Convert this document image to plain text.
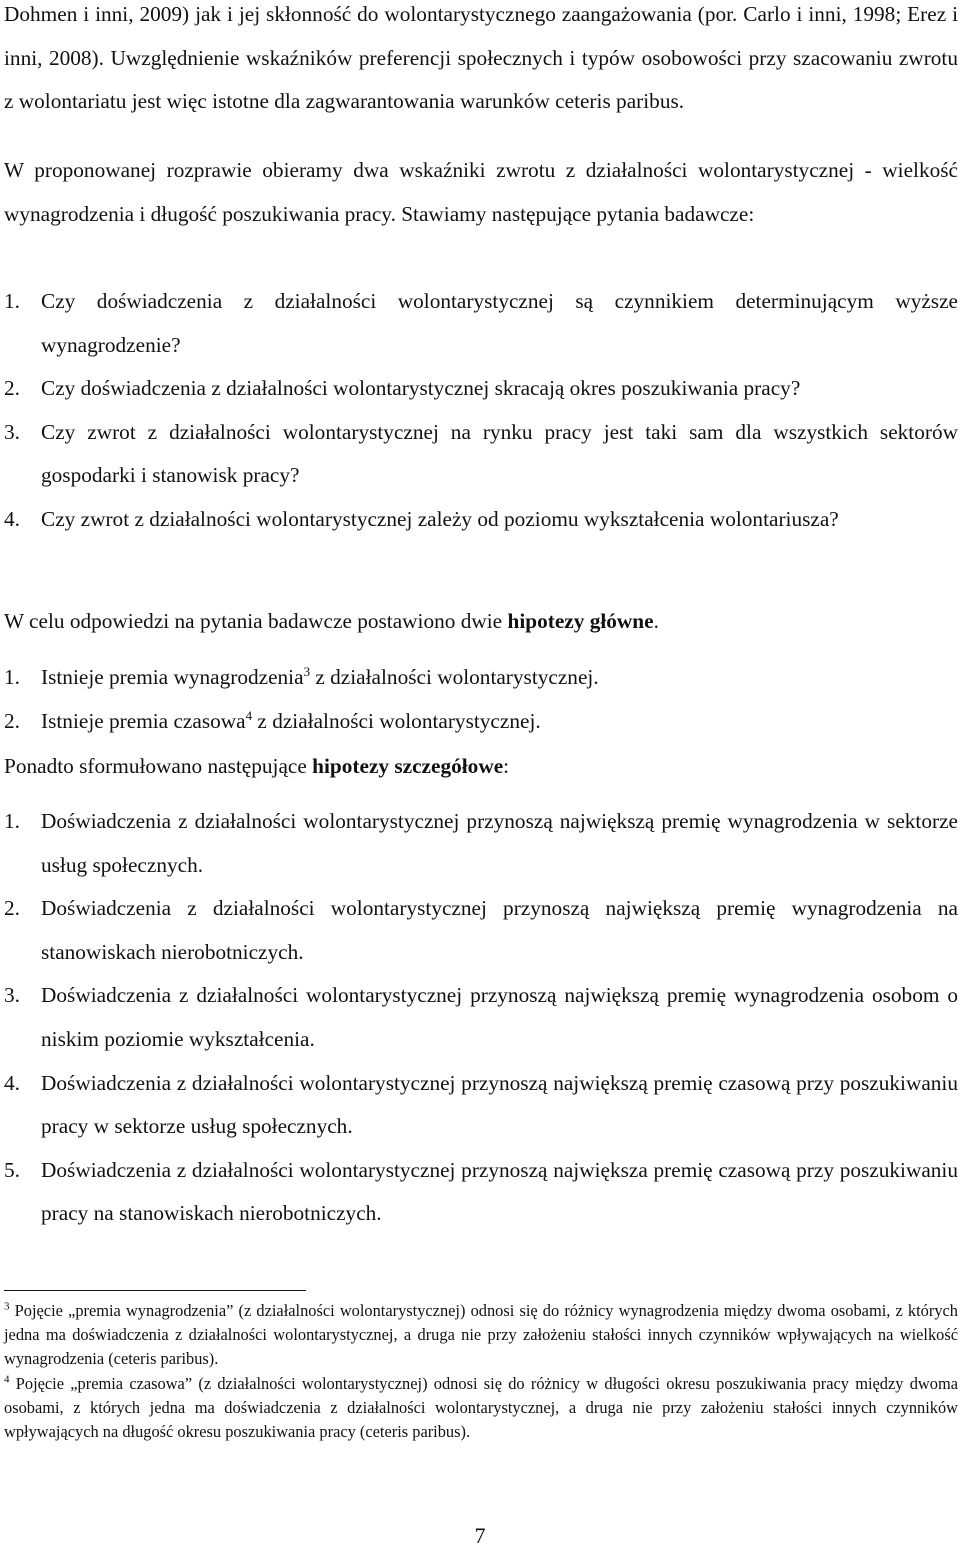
Dohmen i inni, 2009) jak i jej skłonność do wolontarystycznego zaangażowania (por. Carlo i inni, 1998; Erez i inni, 2008). Uwzględnienie wskaźników preferencji społecznych i typów osobowości przy szacowaniu zwrotu z wolontariatu jest więc istotne dla zagwarantowania warunków ceteris paribus.

W proponowanej rozprawie obieramy dwa wskaźniki zwrotu z działalności wolontarystycznej - wielkość wynagrodzenia i długość poszukiwania pracy. Stawiamy następujące pytania badawcze:

1. Czy doświadczenia z działalności wolontarystycznej są czynnikiem determinującym wyższe wynagrodzenie?
2. Czy doświadczenia z działalności wolontarystycznej skracają okres poszukiwania pracy?
3. Czy zwrot z działalności wolontarystycznej na rynku pracy jest taki sam dla wszystkich sektorów gospodarki i stanowisk pracy?
4. Czy zwrot z działalności wolontarystycznej zależy od poziomu wykształcenia wolontariusza?

W celu odpowiedzi na pytania badawcze postawiono dwie hipotezy główne.

1. Istnieje premia wynagrodzenia$^3$ z działalności wolontarystycznej.
2. Istnieje premia czasowa$^4$ z działalności wolontarystycznej.

Ponadto sformułowano następujące hipotezy szczegółowe:

1. Doświadczenia z działalności wolontarystycznej przynoszą największą premię wynagrodzenia w sektorze usług społecznych.
2. Doświadczenia z działalności wolontarystycznej przynoszą największą premię wynagrodzenia na stanowiskach nierobotniczych.
3. Doświadczenia z działalności wolontarystycznej przynoszą największą premię wynagrodzenia osobom o niskim poziomie wykształcenia.
4. Doświadczenia z działalności wolontarystycznej przynoszą największą premię czasową przy poszukiwaniu pracy w sektorze usług społecznych.
5. Doświadczenia z działalności wolontarystycznej przynoszą największa premię czasową przy poszukiwaniu pracy na stanowiskach nierobotniczych.

$^3$ Pojęcie „premia wynagrodzenia” (z działalności wolontarystycznej) odnosi się do różnicy wynagrodzenia między dwoma osobami, z których jedna ma doświadczenia z działalności wolontarystycznej, a druga nie przy założeniu stałości innych czynników wpływających na wielkość wynagrodzenia (ceteris paribus).

$^4$ Pojęcie „premia czasowa” (z działalności wolontarystycznej) odnosi się do różnicy w długości okresu poszukiwania pracy między dwoma osobami, z których jedna ma doświadczenia z działalności wolontarystycznej, a druga nie przy założeniu stałości innych czynników wpływających na długość okresu poszukiwania pracy (ceteris paribus).

7
